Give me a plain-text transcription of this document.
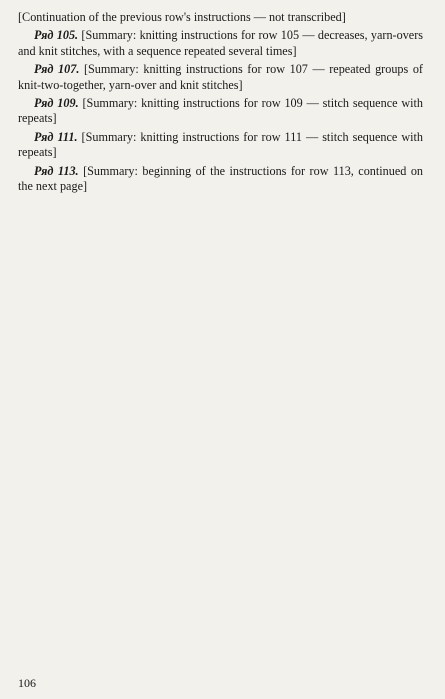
[Continuation of the previous row's instructions — not transcribed]

Ряд 105. [Summary: knitting instructions for row 105 — decreases, yarn-overs and knit stitches, with a sequence repeated several times]

Ряд 107. [Summary: knitting instructions for row 107 — repeated groups of knit-two-together, yarn-over and knit stitches]

Ряд 109. [Summary: knitting instructions for row 109 — stitch sequence with repeats]

Ряд 111. [Summary: knitting instructions for row 111 — stitch sequence with repeats]

Ряд 113. [Summary: beginning of the instructions for row 113, continued on the next page]

106
